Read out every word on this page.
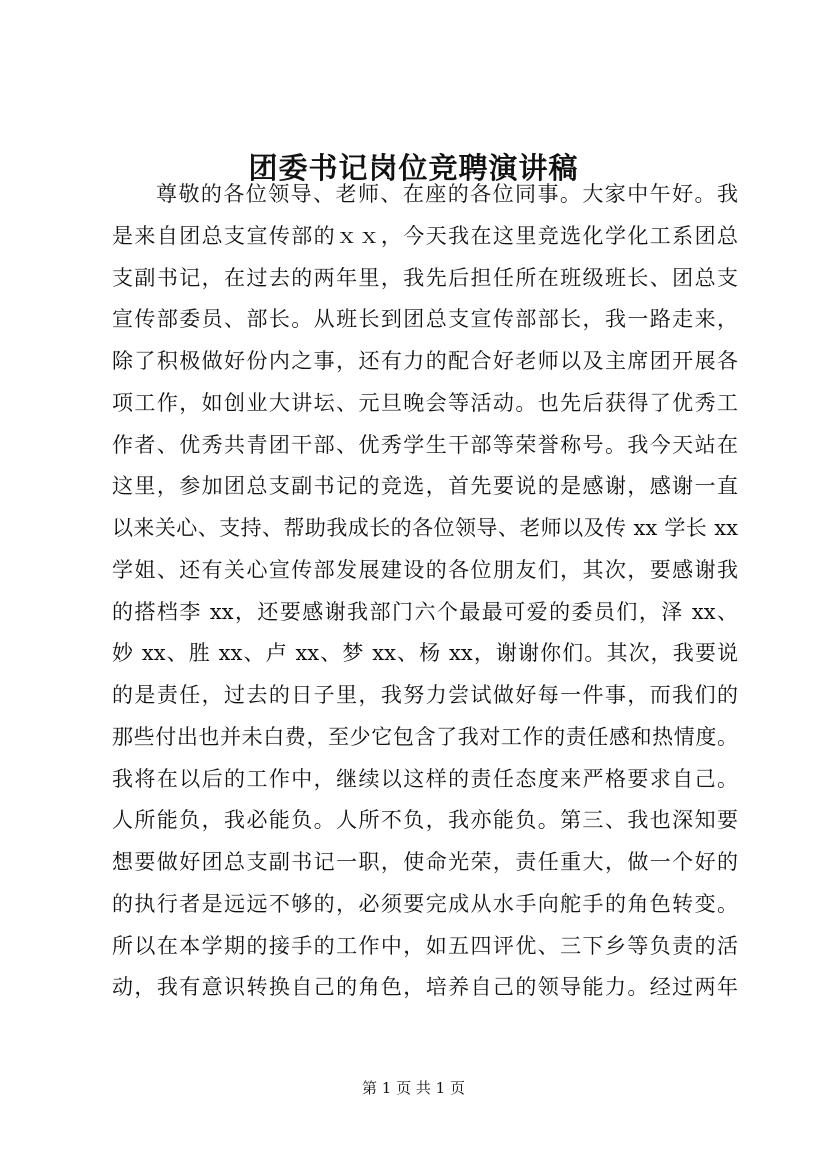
团委书记岗位竞聘演讲稿
尊敬的各位领导、老师、在座的各位同事。大家中午好。我
是来自团总支宣传部的ｘｘ，今天我在这里竞选化学化工系团总
支副书记，在过去的两年里，我先后担任所在班级班长、团总支
宣传部委员、部长。从班长到团总支宣传部部长，我一路走来，
除了积极做好份内之事，还有力的配合好老师以及主席团开展各
项工作，如创业大讲坛、元旦晚会等活动。也先后获得了优秀工
作者、优秀共青团干部、优秀学生干部等荣誉称号。我今天站在
这里，参加团总支副书记的竞选，首先要说的是感谢，感谢一直
以来关心、支持、帮助我成长的各位领导、老师以及传 xx 学长 xx
学姐、还有关心宣传部发展建设的各位朋友们，其次，要感谢我
的搭档李 xx，还要感谢我部门六个最最可爱的委员们，泽 xx、
妙 xx、胜 xx、卢 xx、梦 xx、杨 xx，谢谢你们。其次，我要说
的是责任，过去的日子里，我努力尝试做好每一件事，而我们的
那些付出也并未白费，至少它包含了我对工作的责任感和热情度。
我将在以后的工作中，继续以这样的责任态度来严格要求自己。
人所能负，我必能负。人所不负，我亦能负。第三、我也深知要
想要做好团总支副书记一职，使命光荣，责任重大，做一个好的
的执行者是远远不够的，必须要完成从水手向舵手的角色转变。
所以在本学期的接手的工作中，如五四评优、三下乡等负责的活
动，我有意识转换自己的角色，培养自己的领导能力。经过两年
第 1 页 共 1 页
